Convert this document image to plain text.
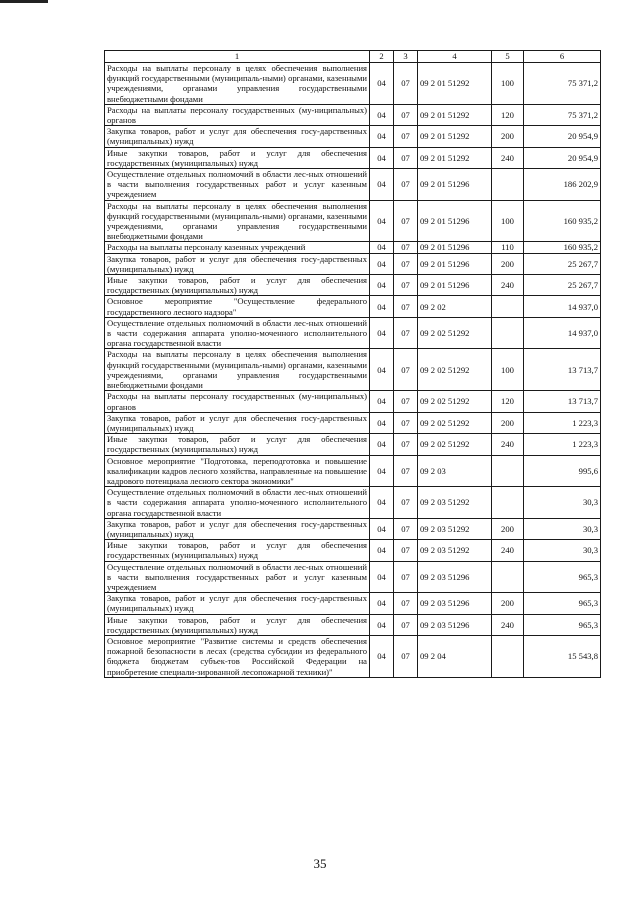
1	2	3	4	5	6
Расходы на выплаты персоналу в целях обеспечения выполнения функций государственными (муниципаль-ными) органами, казенными учреждениями, органами управления государственными внебюджетными фондами	04	07	09 2 01 51292	100	75 371,2
Расходы на выплаты персоналу государственных (му-ниципальных) органов	04	07	09 2 01 51292	120	75 371,2
Закупка товаров, работ и услуг для обеспечения госу-дарственных (муниципальных) нужд	04	07	09 2 01 51292	200	20 954,9
Иные закупки товаров, работ и услуг для обеспечения государственных (муниципальных) нужд	04	07	09 2 01 51292	240	20 954,9
Осуществление отдельных полномочий в области лес-ных отношений в части выполнения государственных работ и услуг казенным учреждением	04	07	09 2 01 51296		186 202,9
Расходы на выплаты персоналу в целях обеспечения выполнения функций государственными (муниципаль-ными) органами, казенными учреждениями, органами управления государственными внебюджетными фондами	04	07	09 2 01 51296	100	160 935,2
Расходы на выплаты персоналу казенных учреждений	04	07	09 2 01 51296	110	160 935,2
Закупка товаров, работ и услуг для обеспечения госу-дарственных (муниципальных) нужд	04	07	09 2 01 51296	200	25 267,7
Иные закупки товаров, работ и услуг для обеспечения государственных (муниципальных) нужд	04	07	09 2 01 51296	240	25 267,7
Основное мероприятие "Осуществление федерального государственного лесного надзора"	04	07	09 2 02		14 937,0
Осуществление отдельных полномочий в области лес-ных отношений в части содержания аппарата уполно-моченного исполнительного органа государственной власти	04	07	09 2 02 51292		14 937,0
Расходы на выплаты персоналу в целях обеспечения выполнения функций государственными (муниципаль-ными) органами, казенными учреждениями, органами управления государственными внебюджетными фондами	04	07	09 2 02 51292	100	13 713,7
Расходы на выплаты персоналу государственных (му-ниципальных) органов	04	07	09 2 02 51292	120	13 713,7
Закупка товаров, работ и услуг для обеспечения госу-дарственных (муниципальных) нужд	04	07	09 2 02 51292	200	1 223,3
Иные закупки товаров, работ и услуг для обеспечения государственных (муниципальных) нужд	04	07	09 2 02 51292	240	1 223,3
Основное мероприятие "Подготовка, переподготовка и повышение квалификации кадров лесного хозяйства, направленные на повышение кадрового потенциала лесного сектора экономики"	04	07	09 2 03		995,6
Осуществление отдельных полномочий в области лес-ных отношений в части содержания аппарата уполно-моченного исполнительного органа государственной власти	04	07	09 2 03 51292		30,3
Закупка товаров, работ и услуг для обеспечения госу-дарственных (муниципальных) нужд	04	07	09 2 03 51292	200	30,3
Иные закупки товаров, работ и услуг для обеспечения государственных (муниципальных) нужд	04	07	09 2 03 51292	240	30,3
Осуществление отдельных полномочий в области лес-ных отношений в части выполнения государственных работ и услуг казенным учреждением	04	07	09 2 03 51296		965,3
Закупка товаров, работ и услуг для обеспечения госу-дарственных (муниципальных) нужд	04	07	09 2 03 51296	200	965,3
Иные закупки товаров, работ и услуг для обеспечения государственных (муниципальных) нужд	04	07	09 2 03 51296	240	965,3
Основное мероприятие "Развитие системы и средств обеспечения пожарной безопасности в лесах (средства субсидии из федерального бюджета бюджетам субъек-тов Российской Федерации на приобретение специали-зированной лесопожарной техники)"	04	07	09 2 04		15 543,8
35
